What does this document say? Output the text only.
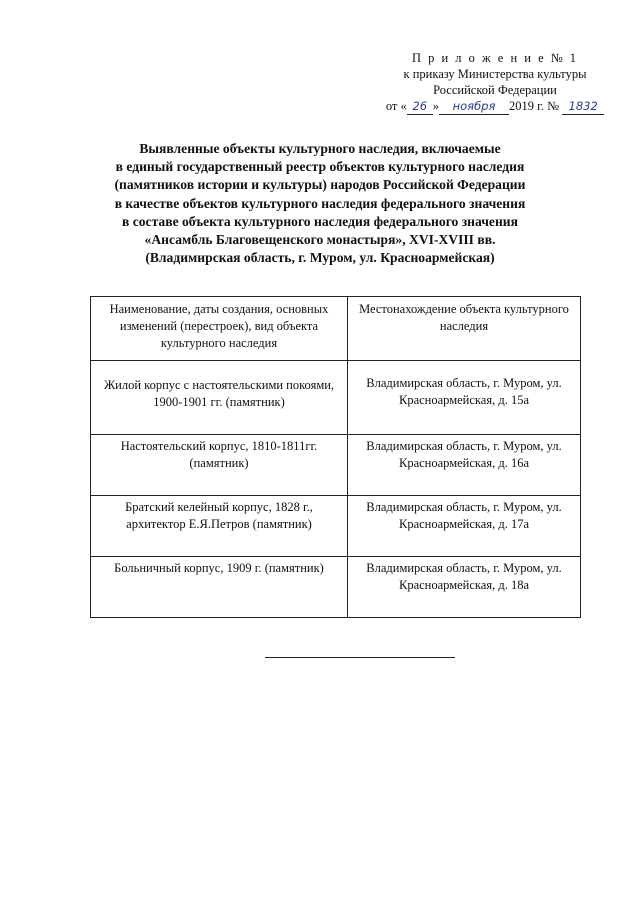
П р и л о ж е н и е № 1
к приказу Министерства культуры
Российской Федерации
от « 26 » ноября 2019 г. № 1832
Выявленные объекты культурного наследия, включаемые
в единый государственный реестр объектов культурного наследия
(памятников истории и культуры) народов Российской Федерации
в качестве объектов культурного наследия федерального значения
в составе объекта культурного наследия федерального значения
«Ансамбль Благовещенского монастыря», XVI-XVIII вв.
(Владимирская область, г. Муром, ул. Красноармейская)
Наименование, даты создания, основных изменений (перестроек), вид объекта культурного наследия	Местонахождение объекта культурного наследия
Жилой корпус с настоятельскими покоями, 1900-1901 гг. (памятник)	Владимирская область, г. Муром, ул. Красноармейская, д. 15а
Настоятельский корпус, 1810-1811гг. (памятник)	Владимирская область, г. Муром, ул. Красноармейская, д. 16а
Братский келейный корпус, 1828 г., архитектор Е.Я.Петров (памятник)	Владимирская область, г. Муром, ул. Красноармейская, д. 17а
Больничный корпус, 1909 г. (памятник)	Владимирская область, г. Муром, ул. Красноармейская, д. 18а
